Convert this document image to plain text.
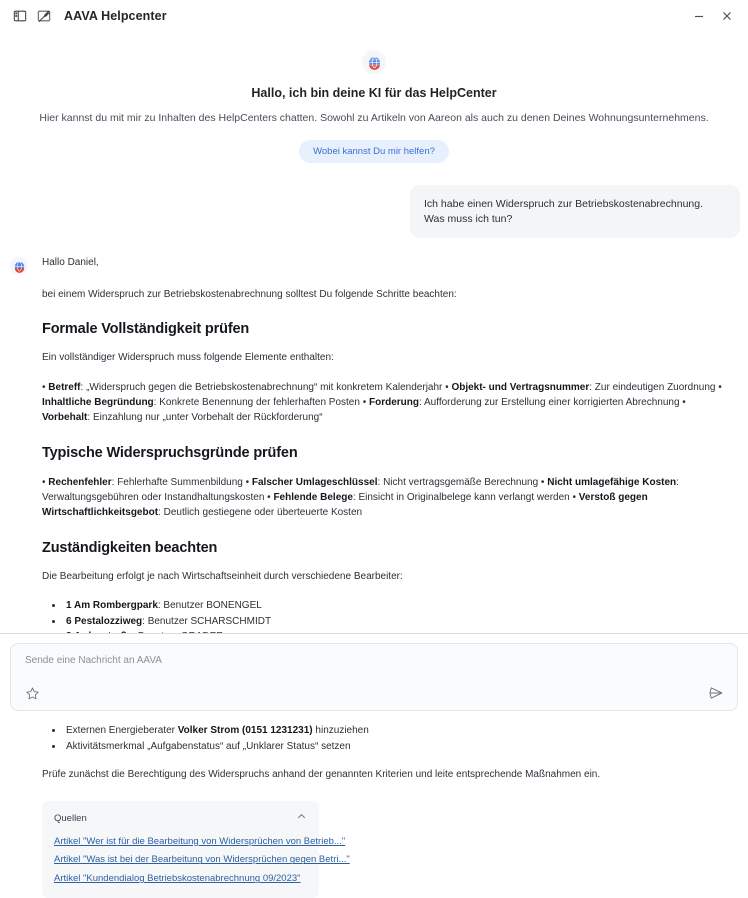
AAVA Helpcenter
Hallo, ich bin deine KI für das HelpCenter
Hier kannst du mit mir zu Inhalten des HelpCenters chatten. Sowohl zu Artikeln von Aareon als auch zu denen Deines Wohnungsunternehmens.
Wobei kannst Du mir helfen?
Ich habe einen Widerspruch zur Betriebskostenabrechnung. Was muss ich tun?

Hallo Daniel,

bei einem Widerspruch zur Betriebskostenabrechnung solltest Du folgende Schritte beachten:

Formale Vollständigkeit prüfen

Ein vollständiger Widerspruch muss folgende Elemente enthalten:

• Betreff: „Widerspruch gegen die Betriebskostenabrechnung“ mit konkretem Kalenderjahr • Objekt- und Vertragsnummer: Zur eindeutigen Zuordnung • Inhaltliche Begründung: Konkrete Benennung der fehlerhaften Posten • Forderung: Aufforderung zur Erstellung einer korrigierten Abrechnung • Vorbehalt: Einzahlung nur „unter Vorbehalt der Rückforderung“
Typische Widerspruchsgründe prüfen
• Rechenfehler: Fehlerhafte Summenbildung • Falscher Umlageschlüssel: Nicht vertragsgemäße Berechnung • Nicht umlagefähige Kosten: Verwaltungsgebühren oder Instandhaltungskosten • Fehlende Belege: Einsicht in Originalbelege kann verlangt werden • Verstoß gegen Wirtschaftlichkeitsgebot: Deutlich gestiegene oder überteuerte Kosten
Zuständigkeiten beachten

Die Bearbeitung erfolgt je nach Wirtschaftseinheit durch verschiedene Bearbeiter:

• 1 Am Rombergpark: Benutzer BONENGEL
• 6 Pestalozziweg: Benutzer SCHARSCHMIDT
•

• Externen Energieberater Volker Strom (0151 1231231) hinzuziehen
• Aktivitätsmerkmal „Aufgabenstatus“ auf „Unklarer Status“ setzen

Prüfe zunächst die Berechtigung des Widerspruchs anhand der genannten Kriterien und leite entsprechende Maßnahmen ein.

Quellen
Artikel "Wer ist für die Bearbeitung von Widersprüchen von Betrieb..."
Artikel "Was ist bei der Bearbeitung von Widersprüchen gegen Betri..."
Artikel "Kundendialog Betriebskostenabrechnung 09/2023"
Sende eine Nachricht an AAVA
